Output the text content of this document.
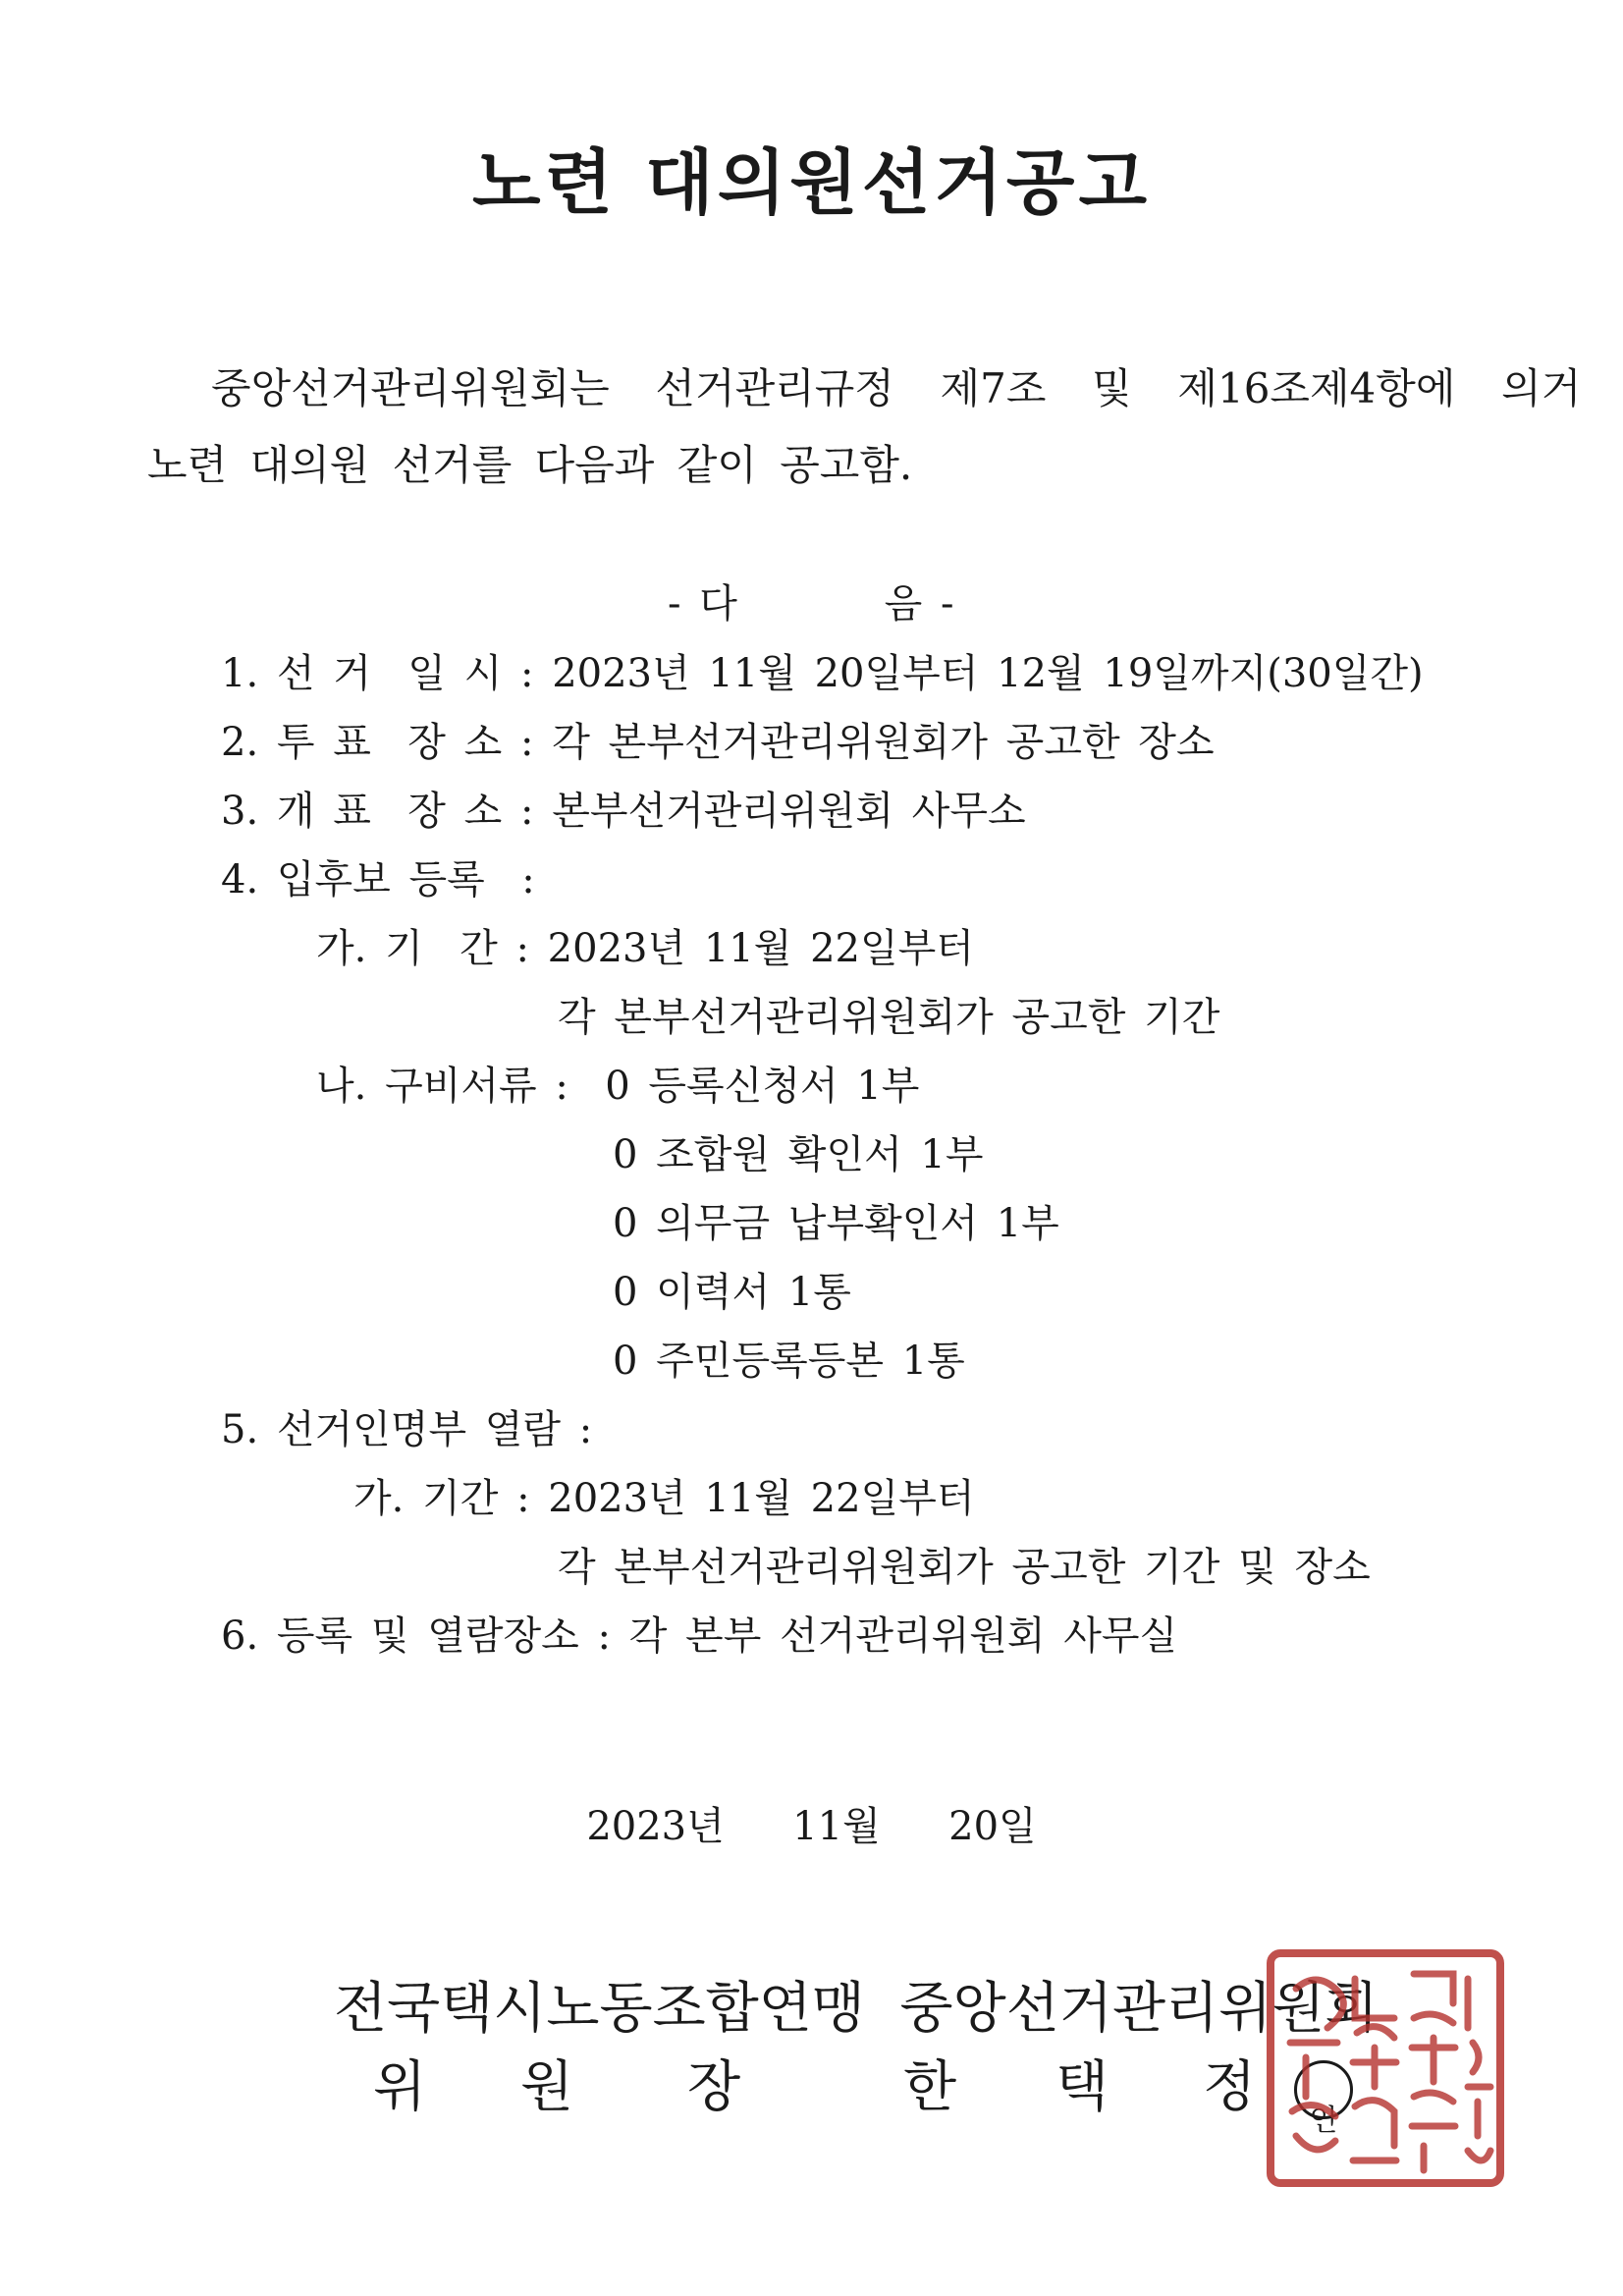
노련 대의원선거공고
중앙선거관리위원회는  선거관리규정  제7조  및  제16조제4항에  의거
노련 대의원 선거를 다음과 같이 공고함.
- 다        음 -
1. 선 거  일 시 : 2023년 11월 20일부터 12월 19일까지(30일간)
2. 투 표  장 소 : 각 본부선거관리위원회가 공고한 장소
3. 개 표  장 소 : 본부선거관리위원회 사무소
4. 입후보 등록  :
가. 기  간 : 2023년 11월 22일부터
각 본부선거관리위원회가 공고한 기간
나. 구비서류 :  0 등록신청서 1부
0 조합원 확인서 1부
0 의무금 납부확인서 1부
0 이력서 1통
0 주민등록등본 1통
5. 선거인명부 열람 :
가. 기간 : 2023년 11월 22일부터
각 본부선거관리위원회가 공고한 기간 및 장소
6. 등록 및 열람장소 : 각 본부 선거관리위원회 사무실
2023년  11월  20일
전국택시노동조합연맹  중앙선거관리위원회
위 원 장	한 택 정

인
